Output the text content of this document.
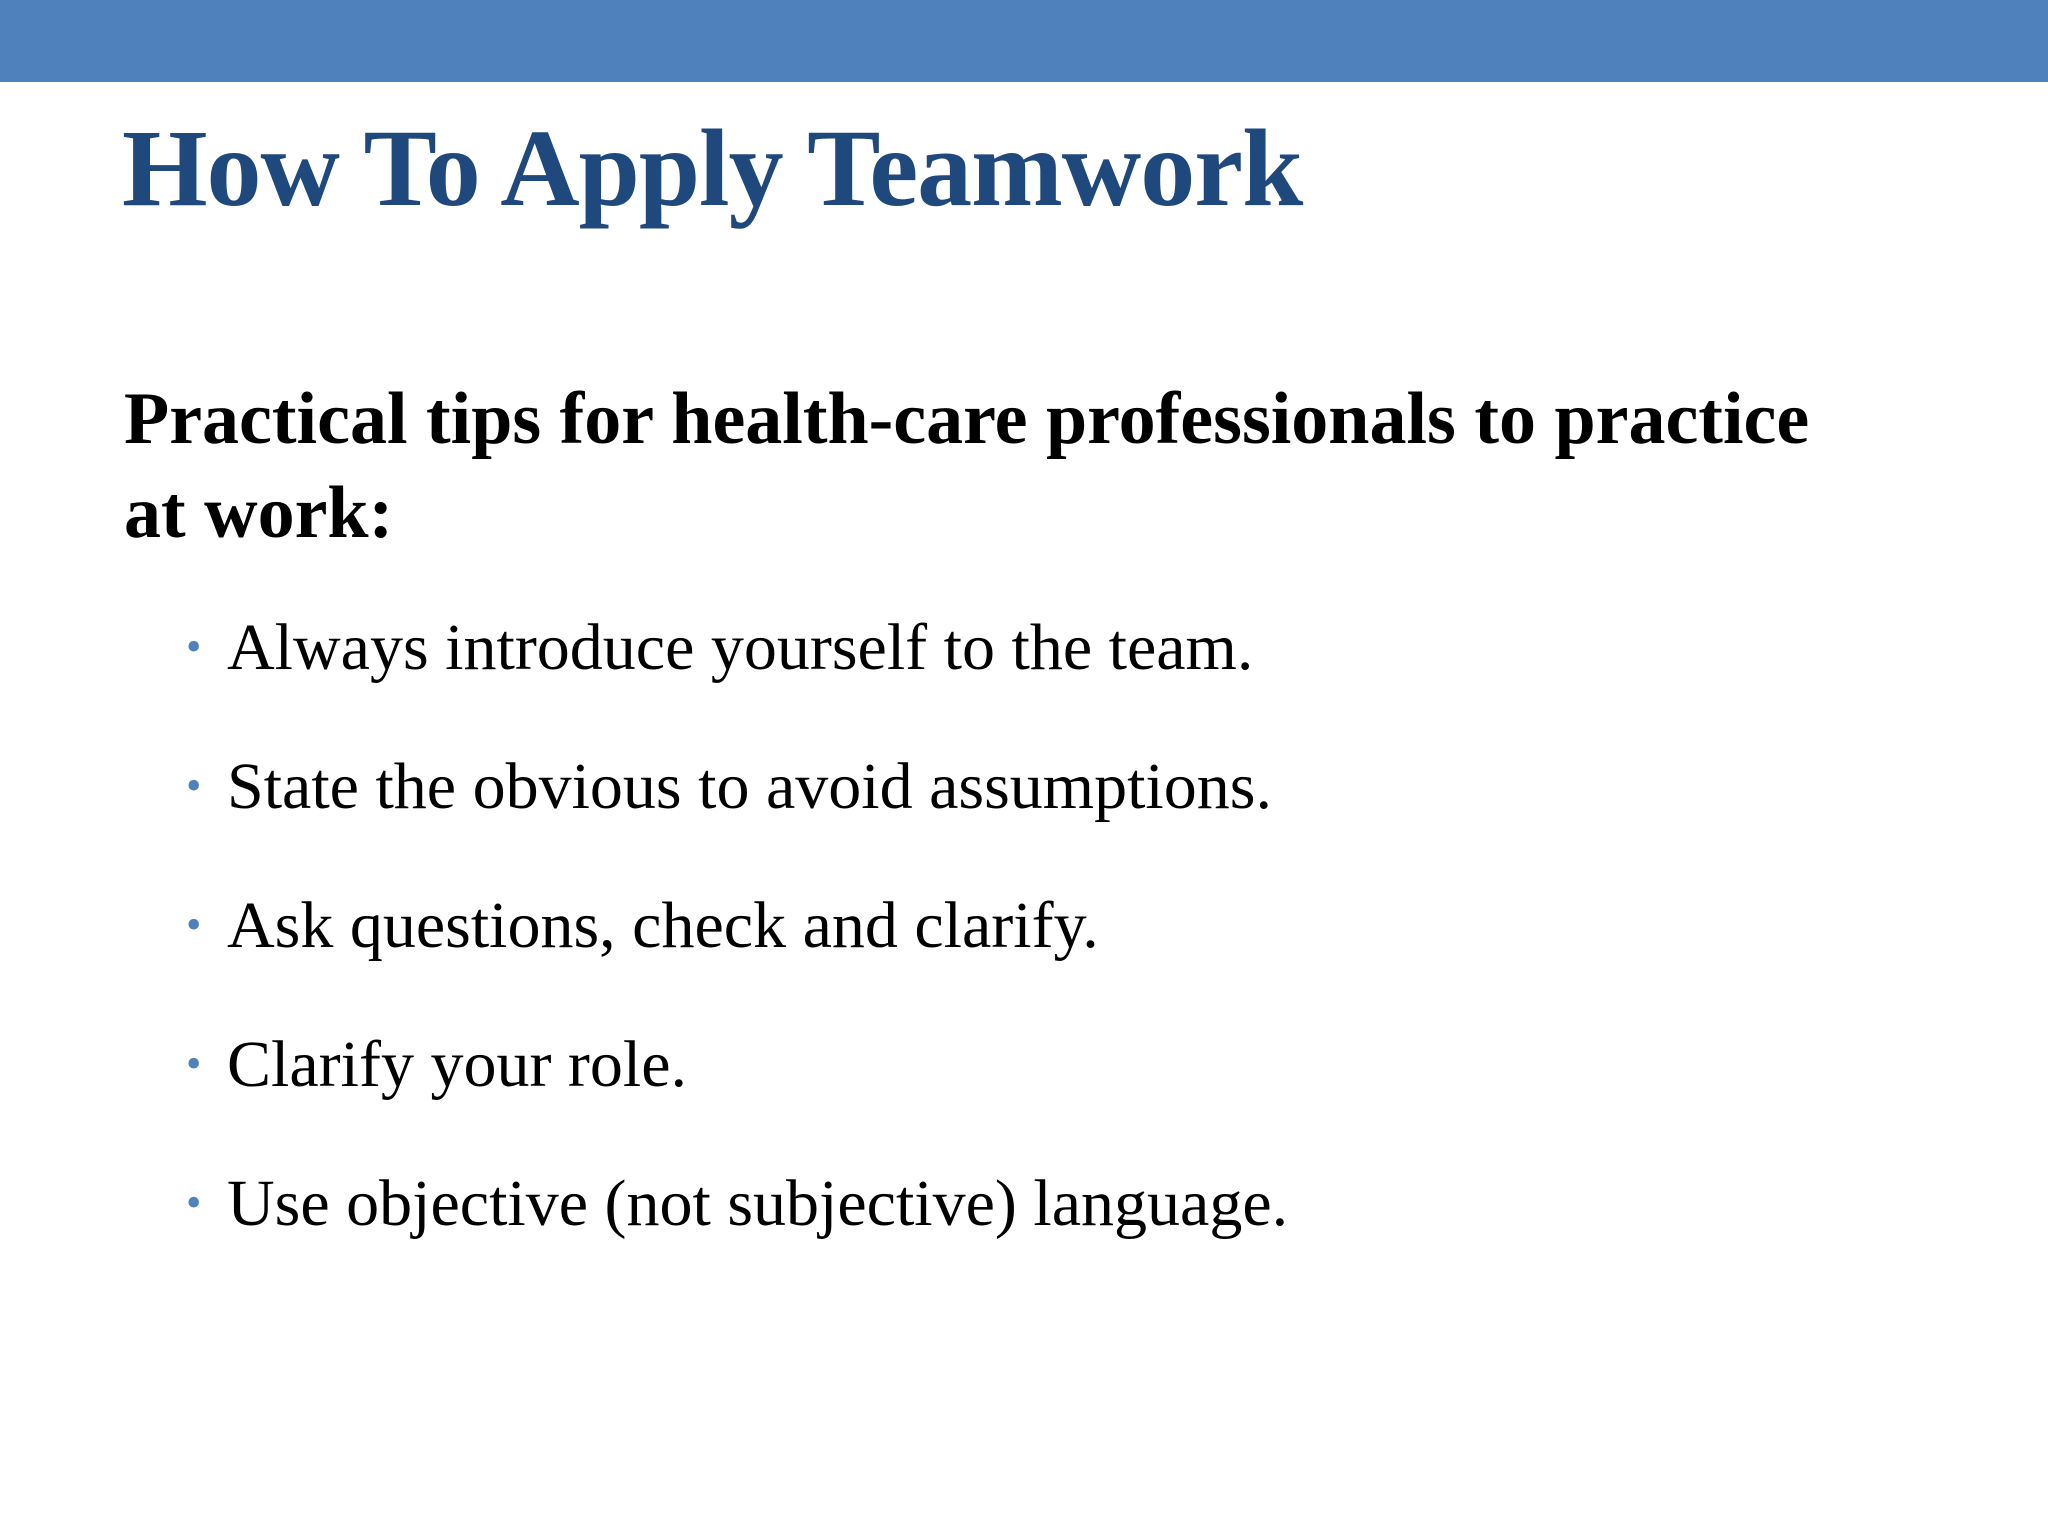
How To Apply Teamwork

Practical tips for health-care professionals to practice at work:

• Always introduce yourself to the team.
• State the obvious to avoid assumptions.
• Ask questions, check and clarify.
• Clarify your role.
• Use objective (not subjective) language.
